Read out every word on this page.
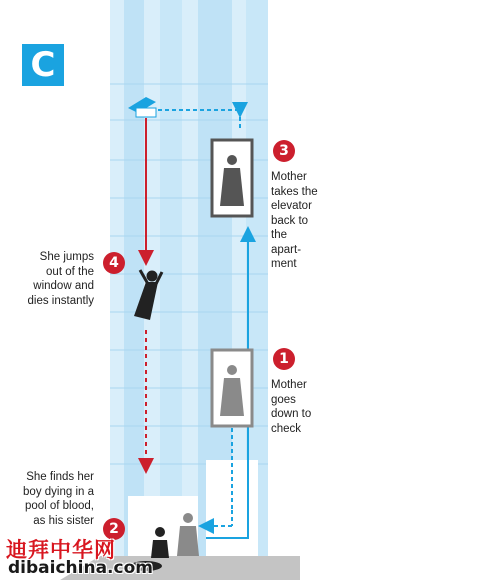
C
3
Mother
takes the
elevator
back to
the
apart-
ment
4
She jumps
out of the
window and
dies instantly
1
Mother
goes
down to
check
She finds her
boy dying in a
pool of blood,
as his sister
2
迪拜中华网
dibaichina.com
